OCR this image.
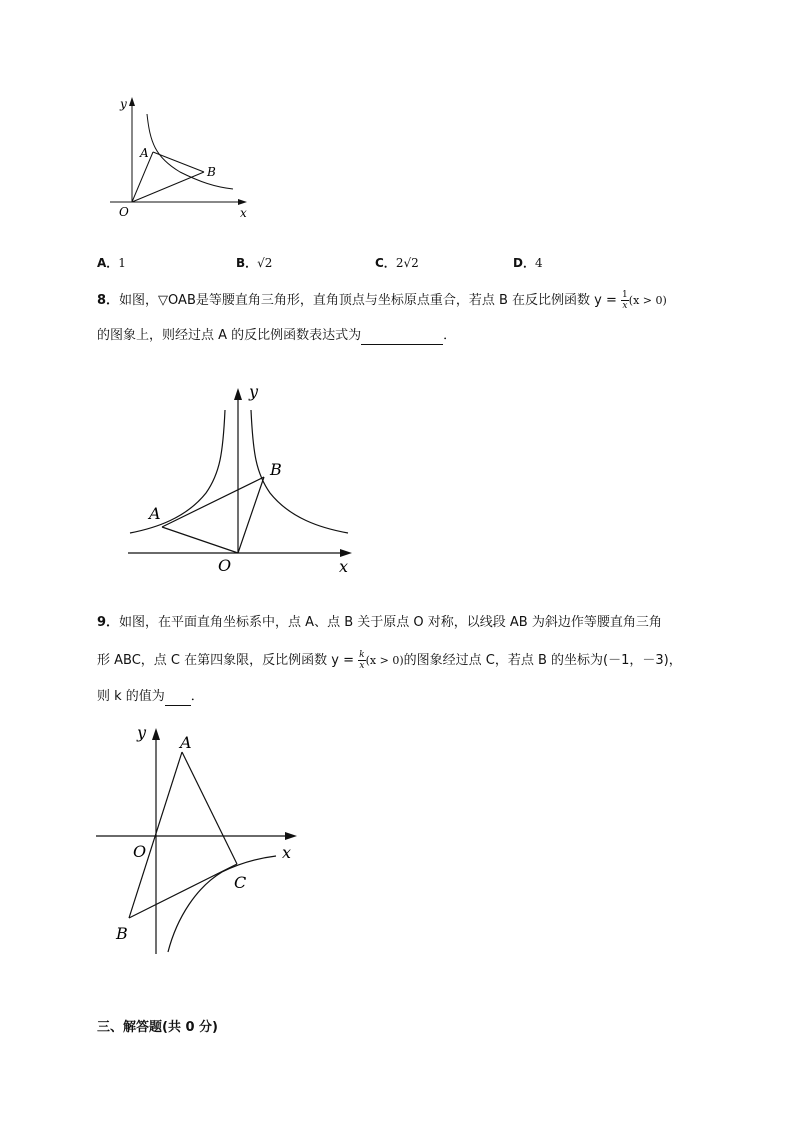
y
x
O
A
B
A．1	B．√2	C．2√2	D．4
8．如图，▽OAB是等腰直角三角形，直角顶点与坐标原点重合，若点 B 在反比例函数 $y = \frac{1}{x} (x > 0)$
的图象上，则经过点 A 的反比例函数表达式为	．
y
x
O
A
B
9．如图，在平面直角坐标系中，点 A、点 B 关于原点 O 对称，以线段 AB 为斜边作等腰直角三角
形 ABC，点 C 在第四象限，反比例函数 $y = \frac{k}{x} (x > 0)$的图象经过点 C，若点 B 的坐标为(－1，－3)，
则 k 的值为 ．
y
x
O
A
B
C
三、解答题(共 0 分)
